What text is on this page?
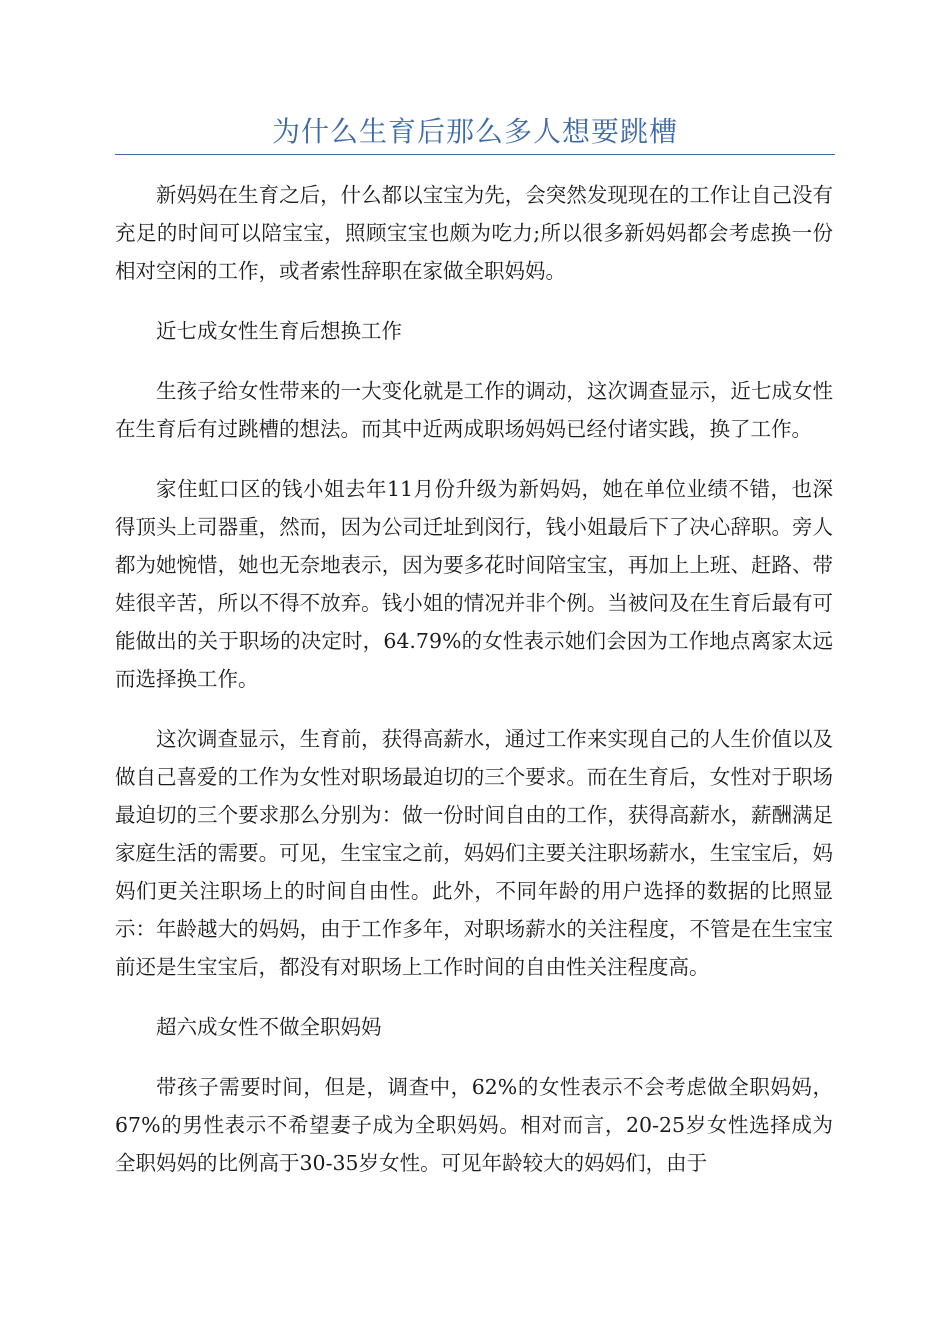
为什么生育后那么多人想要跳槽

新妈妈在生育之后，什么都以宝宝为先，会突然发现现在的工作让自己没有充足的时间可以陪宝宝，照顾宝宝也颇为吃力;所以很多新妈妈都会考虑换一份相对空闲的工作，或者索性辞职在家做全职妈妈。

近七成女性生育后想换工作

生孩子给女性带来的一大变化就是工作的调动，这次调查显示，近七成女性在生育后有过跳槽的想法。而其中近两成职场妈妈已经付诸实践，换了工作。

家住虹口区的钱小姐去年11月份升级为新妈妈，她在单位业绩不错，也深得顶头上司器重，然而，因为公司迁址到闵行，钱小姐最后下了决心辞职。旁人都为她惋惜，她也无奈地表示，因为要多花时间陪宝宝，再加上上班、赶路、带娃很辛苦，所以不得不放弃。钱小姐的情况并非个例。当被问及在生育后最有可能做出的关于职场的决定时，64.79%的女性表示她们会因为工作地点离家太远而选择换工作。

这次调查显示，生育前，获得高薪水，通过工作来实现自己的人生价值以及做自己喜爱的工作为女性对职场最迫切的三个要求。而在生育后，女性对于职场最迫切的三个要求那么分别为：做一份时间自由的工作，获得高薪水，薪酬满足家庭生活的需要。可见，生宝宝之前，妈妈们主要关注职场薪水，生宝宝后，妈妈们更关注职场上的时间自由性。此外，不同年龄的用户选择的数据的比照显示：年龄越大的妈妈，由于工作多年，对职场薪水的关注程度，不管是在生宝宝前还是生宝宝后，都没有对职场上工作时间的自由性关注程度高。

超六成女性不做全职妈妈

带孩子需要时间，但是，调查中，62%的女性表示不会考虑做全职妈妈，67%的男性表示不希望妻子成为全职妈妈。相对而言，20-25岁女性选择成为全职妈妈的比例高于30-35岁女性。可见年龄较大的妈妈们，由于
